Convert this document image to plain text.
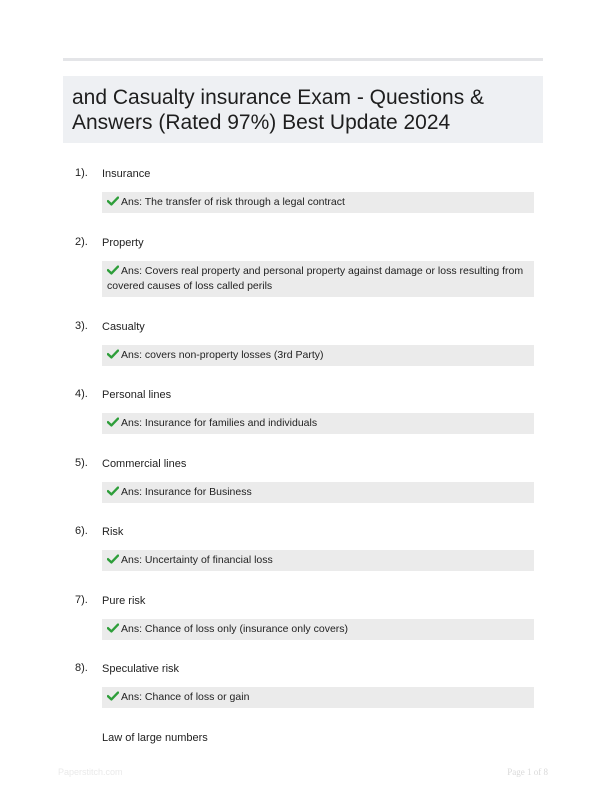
and Casualty insurance Exam - Questions & Answers (Rated 97%) Best Update 2024
1). Insurance
Ans: The transfer of risk through a legal contract
2). Property
Ans: Covers real property and personal property against damage or loss resulting from covered causes of loss called perils
3). Casualty
Ans: covers non-property losses (3rd Party)
4). Personal lines
Ans: Insurance for families and individuals
5). Commercial lines
Ans: Insurance for Business
6). Risk
Ans: Uncertainty of financial loss
7). Pure risk
Ans: Chance of loss only (insurance only covers)
8). Speculative risk
Ans: Chance of loss or gain
Law of large numbers
Paperstitch.com	Page 1 of 8
